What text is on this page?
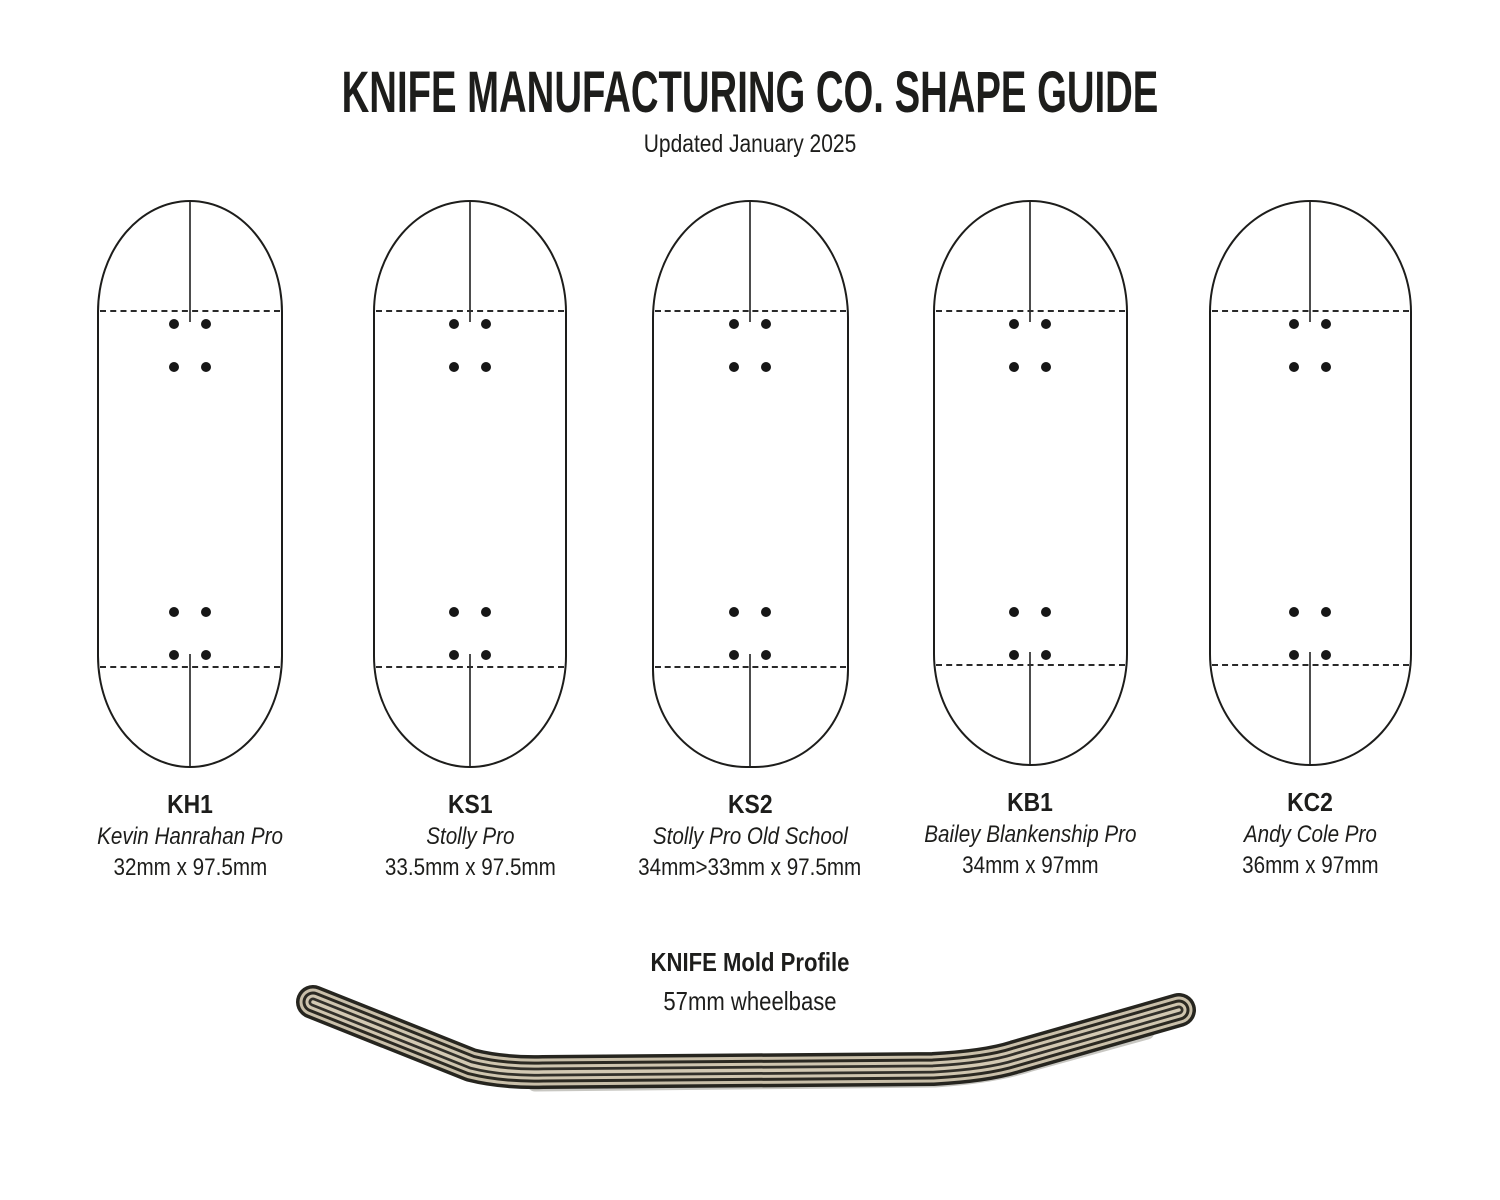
KNIFE MANUFACTURING CO. SHAPE GUIDE
Updated January 2025
KH1
Kevin Hanrahan Pro
32mm x 97.5mm
KS1
Stolly Pro
33.5mm x 97.5mm
KS2
Stolly Pro Old School
34mm>33mm x 97.5mm
KB1
Bailey Blankenship Pro
34mm x 97mm
KC2
Andy Cole Pro
36mm x 97mm
KNIFE Mold Profile
57mm wheelbase
